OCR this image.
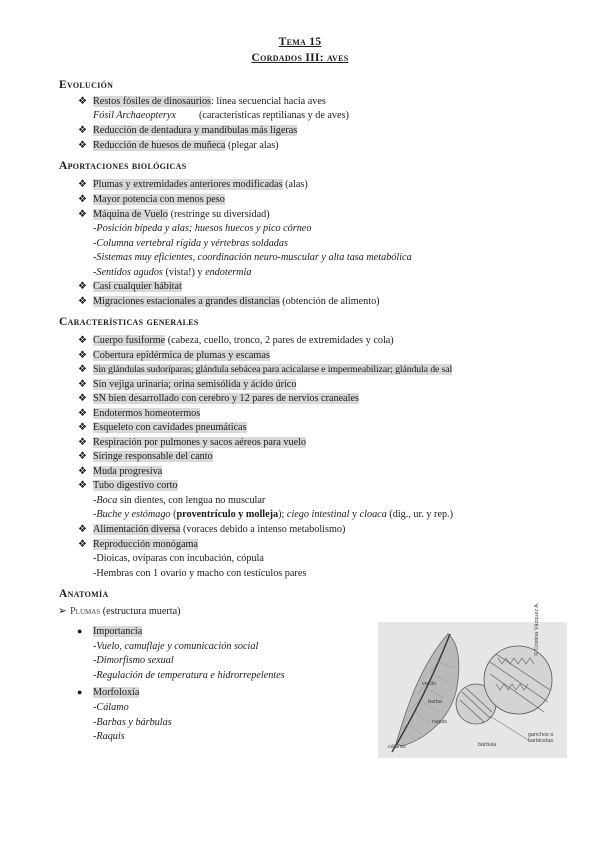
Tema 15
Cordados III: aves
Evolución
❖ Restos fósiles de dinosaurios: línea secuencial hacia aves
Fósil Archaeopteryx (características reptilianas y de aves)
❖ Reducción de dentadura y mandíbulas más ligeras
❖ Reducción de huesos de muñeca (plegar alas)
Aportaciones biológicas
❖ Plumas y extremidades anteriores modificadas (alas)
❖ Mayor potencia con menos peso
❖ Máquina de Vuelo (restringe su diversidad)
-Posición bípeda y alas; huesos huecos y pico córneo
-Columna vertebral rígida y vértebras soldadas
-Sistemas muy eficientes, coordinación neuro-muscular y alta tasa metabólica
-Sentidos agudos (vista!) y endotermia
❖ Casi cualquier hábitat
❖ Migraciones estacionales a grandes distancias (obtención de alimento)
Características generales
❖ Cuerpo fusiforme (cabeza, cuello, tronco, 2 pares de extremidades y cola)
❖ Cobertura epidérmica de plumas y escamas
❖ Sin glándulas sudoríparas; glándula sebácea para acicalarse e impermeabilizar; glándula de sal
❖ Sin vejiga urinaria; orina semisólida y ácido úrico
❖ SN bien desarrollado con cerebro y 12 pares de nervios craneales
❖ Endotermos homeotermos
❖ Esqueleto con cavidades pneumáticas
❖ Respiración por pulmones y sacos aéreos para vuelo
❖ Siringe responsable del canto
❖ Muda progresiva
❖ Tubo digestivo corto
-Boca sin dientes, con lengua no muscular
-Buche y estómago (proventrículo y molleja); ciego intestinal y cloaca (dig., ur. y rep.)
❖ Alimentación diversa (voraces debido a intenso metabolismo)
❖ Reproducción monógama
-Dioicas, ovíparas con incubación, cópula
-Hembras con 1 ovario y macho con testículos pares
Anatomía
➢ Plumas (estructura muerta)
● Importancia
-Vuelo, camuflaje y comunicación social
-Dimorfismo sexual
-Regulación de temperatura e hidrorrepelentes
● Morfoloxía
-Cálamo
-Barbas y bárbulas
-Raquis
vexilo
barba
raquis
bárbula
cálamo
ganchos o barbicelas
© Cristina Vázquez A.
